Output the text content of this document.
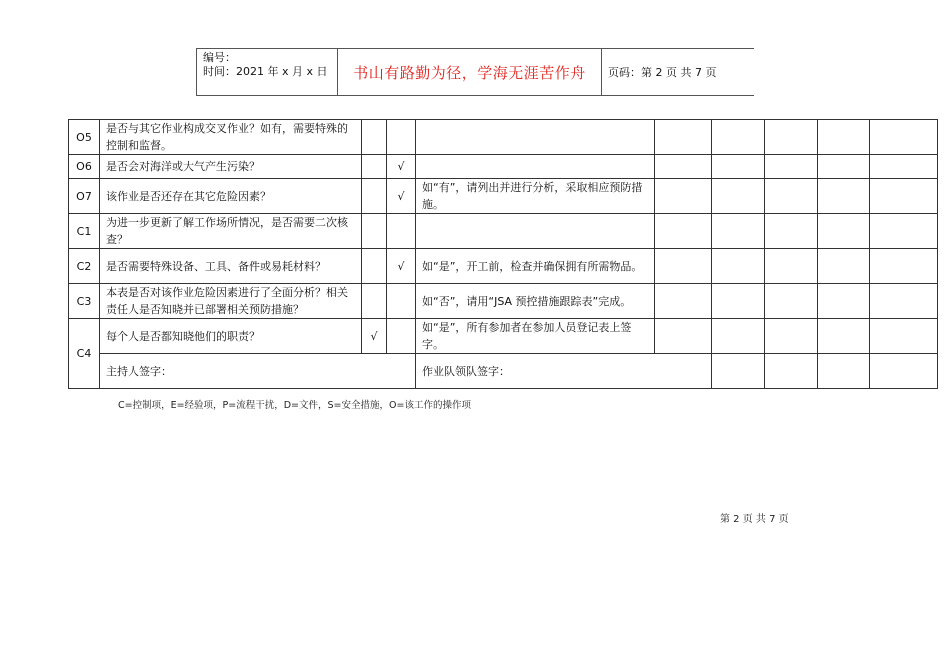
编号：
时间：2021 年 x 月 x 日	书山有路勤为径，学海无涯苦作舟	页码：第 2 页 共 7 页
O5	是否与其它作业构成交叉作业？如有，需要特殊的控制和监督。									
O6	是否会对海洋或大气产生污染？		√							
O7	该作业是否还存在其它危险因素？		√	如“有”，请列出并进行分析，采取相应预防措施。						
C1	为进一步更新了解工作场所情况，是否需要二次核查？									
C2	是否需要特殊设备、工具、备件或易耗材料？		√	如“是”，开工前，检查并确保拥有所需物品。						
C3	本表是否对该作业危险因素进行了全面分析？相关责任人是否知晓并已部署相关预防措施？			如“否”，请用“JSA 预控措施跟踪表”完成。						
C4	每个人是否都知晓他们的职责？	√		如“是”，所有参加者在参加人员登记表上签字。						
	主持人签字：			作业队领队签字：						
C=控制项，E=经验项，P=流程干扰，D=文件，S=安全措施，O=该工作的操作项
第 2 页 共 7 页
